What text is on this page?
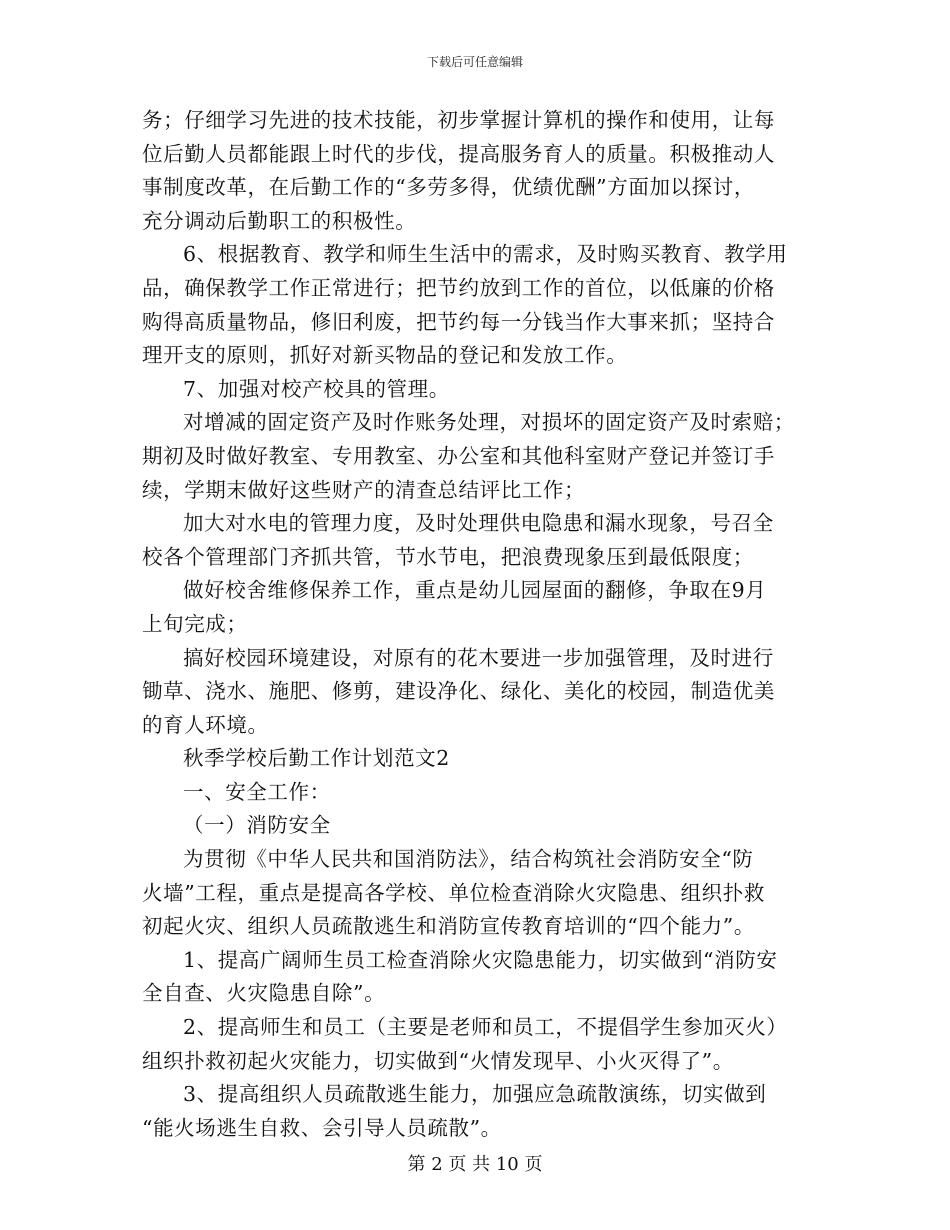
下载后可任意编辑

务；仔细学习先进的技术技能，初步掌握计算机的操作和使用，让每

位后勤人员都能跟上时代的步伐，提高服务育人的质量。积极推动人

事制度改革，在后勤工作的“多劳多得，优绩优酬”方面加以探讨，

充分调动后勤职工的积极性。

6、根据教育、教学和师生生活中的需求，及时购买教育、教学用

品，确保教学工作正常进行；把节约放到工作的首位，以低廉的价格

购得高质量物品，修旧利废，把节约每一分钱当作大事来抓；坚持合

理开支的原则，抓好对新买物品的登记和发放工作。

7、加强对校产校具的管理。

对增减的固定资产及时作账务处理，对损坏的固定资产及时索赔；

期初及时做好教室、专用教室、办公室和其他科室财产登记并签订手

续，学期末做好这些财产的清查总结评比工作；

加大对水电的管理力度，及时处理供电隐患和漏水现象，号召全

校各个管理部门齐抓共管，节水节电，把浪费现象压到最低限度；

做好校舍维修保养工作，重点是幼儿园屋面的翻修，争取在9月

上旬完成；

搞好校园环境建设，对原有的花木要进一步加强管理，及时进行

锄草、浇水、施肥、修剪，建设净化、绿化、美化的校园，制造优美

的育人环境。

秋季学校后勤工作计划范文2

一、安全工作：

（一）消防安全

为贯彻《中华人民共和国消防法》，结合构筑社会消防安全“防

火墙”工程，重点是提高各学校、单位检查消除火灾隐患、组织扑救

初起火灾、组织人员疏散逃生和消防宣传教育培训的“四个能力”。

1、提高广阔师生员工检查消除火灾隐患能力，切实做到“消防安

全自查、火灾隐患自除”。

2、提高师生和员工（主要是老师和员工，不提倡学生参加灭火）

组织扑救初起火灾能力，切实做到“火情发现早、小火灭得了”。

3、提高组织人员疏散逃生能力，加强应急疏散演练，切实做到

“能火场逃生自救、会引导人员疏散”。

第 2 页 共 10 页
